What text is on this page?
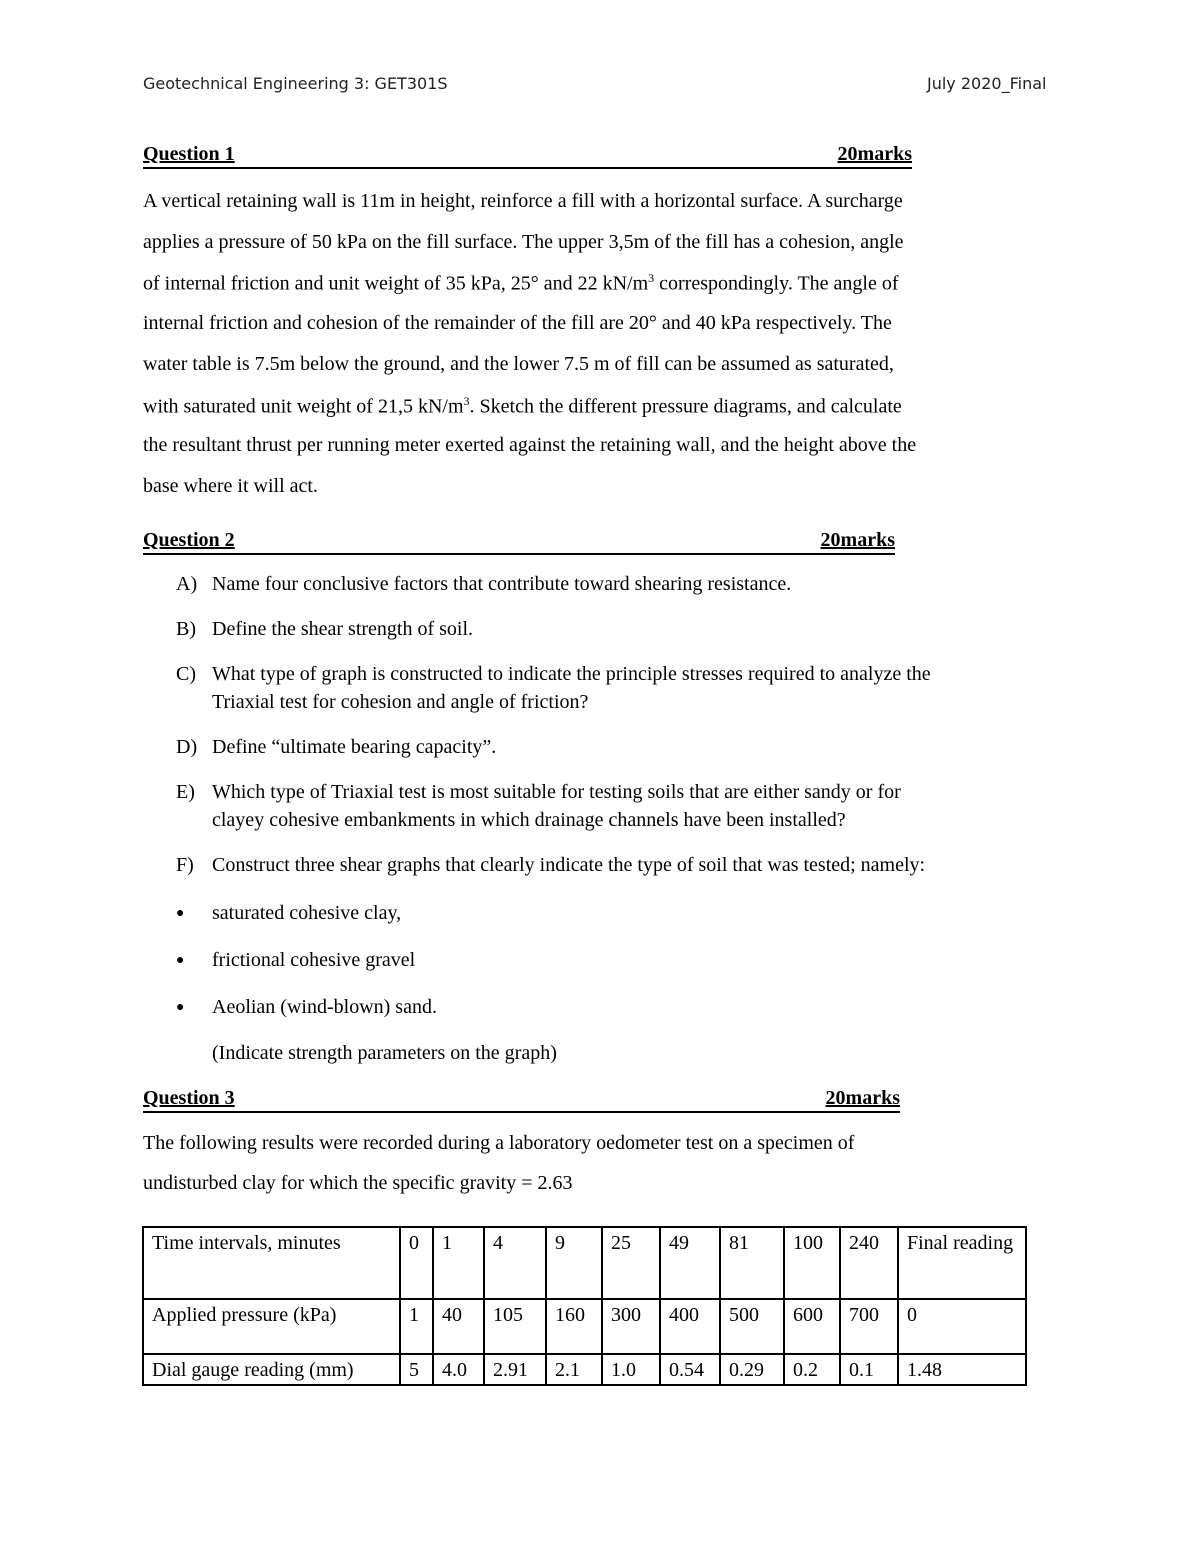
Geotechnical Engineering 3: GET301S	July 2020_Final
Question 1	20marks
A vertical retaining wall is 11m in height, reinforce a fill with a horizontal surface. A surcharge
applies a pressure of 50 kPa on the fill surface. The upper 3,5m of the fill has a cohesion, angle
of internal friction and unit weight of 35 kPa, 25° and 22 $kN/m^3$ correspondingly. The angle of
internal friction and cohesion of the remainder of the fill are 20° and 40 kPa respectively. The
water table is 7.5m below the ground, and the lower 7.5 m of fill can be assumed as saturated,
with saturated unit weight of 21,5 $kN/m^3$. Sketch the different pressure diagrams, and calculate
the resultant thrust per running meter exerted against the retaining wall, and the height above the
base where it will act.
Question 2	20marks
A) Name four conclusive factors that contribute toward shearing resistance.
B) Define the shear strength of soil.
C) What type of graph is constructed to indicate the principle stresses required to analyze the
Triaxial test for cohesion and angle of friction?
D) Define “ultimate bearing capacity”.
E) Which type of Triaxial test is most suitable for testing soils that are either sandy or for
clayey cohesive embankments in which drainage channels have been installed?
F) Construct three shear graphs that clearly indicate the type of soil that was tested; namely:
● saturated cohesive clay,
● frictional cohesive gravel
● Aeolian (wind-blown) sand.
(Indicate strength parameters on the graph)
Question 3	20marks
The following results were recorded during a laboratory oedometer test on a specimen of
undisturbed clay for which the specific gravity = 2.63
Time intervals, minutes	0	1	4	9	25	49	81	100	240	Final reading
Applied pressure (kPa)	1	40	105	160	300	400	500	600	700	0
Dial gauge reading (mm)	5	4.0	2.91	2.1	1.0	0.54	0.29	0.2	0.1	1.48
